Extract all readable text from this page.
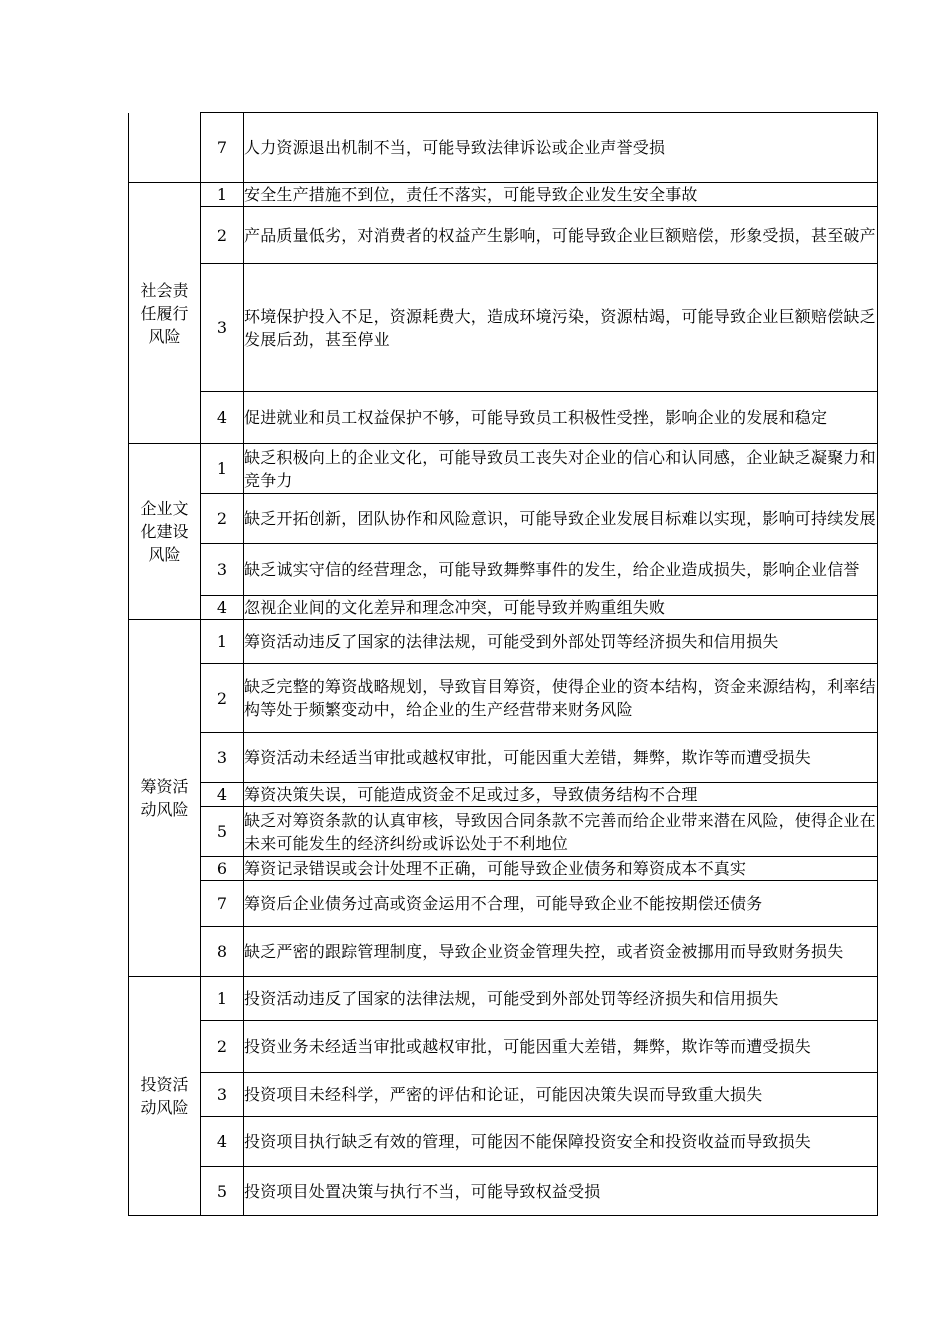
	7	人力资源退出机制不当，可能导致法律诉讼或企业声誉受损
社会责任履行风险	1	安全生产措施不到位，责任不落实，可能导致企业发生安全事故
	2	产品质量低劣，对消费者的权益产生影响，可能导致企业巨额赔偿，形象受损，甚至破产
	3	环境保护投入不足，资源耗费大，造成环境污染，资源枯竭，可能导致企业巨额赔偿缺乏发展后劲，甚至停业
	4	促进就业和员工权益保护不够，可能导致员工积极性受挫，影响企业的发展和稳定
企业文化建设风险	1	缺乏积极向上的企业文化，可能导致员工丧失对企业的信心和认同感，企业缺乏凝聚力和竞争力
	2	缺乏开拓创新，团队协作和风险意识，可能导致企业发展目标难以实现，影响可持续发展
	3	缺乏诚实守信的经营理念，可能导致舞弊事件的发生，给企业造成损失，影响企业信誉
	4	忽视企业间的文化差异和理念冲突，可能导致并购重组失败
筹资活动风险	1	筹资活动违反了国家的法律法规，可能受到外部处罚等经济损失和信用损失
	2	缺乏完整的筹资战略规划，导致盲目筹资，使得企业的资本结构，资金来源结构，利率结构等处于频繁变动中，给企业的生产经营带来财务风险
	3	筹资活动未经适当审批或越权审批，可能因重大差错，舞弊，欺诈等而遭受损失
	4	筹资决策失误，可能造成资金不足或过多，导致债务结构不合理
	5	缺乏对筹资条款的认真审核，导致因合同条款不完善而给企业带来潜在风险，使得企业在未来可能发生的经济纠纷或诉讼处于不利地位
	6	筹资记录错误或会计处理不正确，可能导致企业债务和筹资成本不真实
	7	筹资后企业债务过高或资金运用不合理，可能导致企业不能按期偿还债务
	8	缺乏严密的跟踪管理制度，导致企业资金管理失控，或者资金被挪用而导致财务损失
投资活动风险	1	投资活动违反了国家的法律法规，可能受到外部处罚等经济损失和信用损失
	2	投资业务未经适当审批或越权审批，可能因重大差错，舞弊，欺诈等而遭受损失
	3	投资项目未经科学，严密的评估和论证，可能因决策失误而导致重大损失
	4	投资项目执行缺乏有效的管理，可能因不能保障投资安全和投资收益而导致损失
	5	投资项目处置决策与执行不当，可能导致权益受损
